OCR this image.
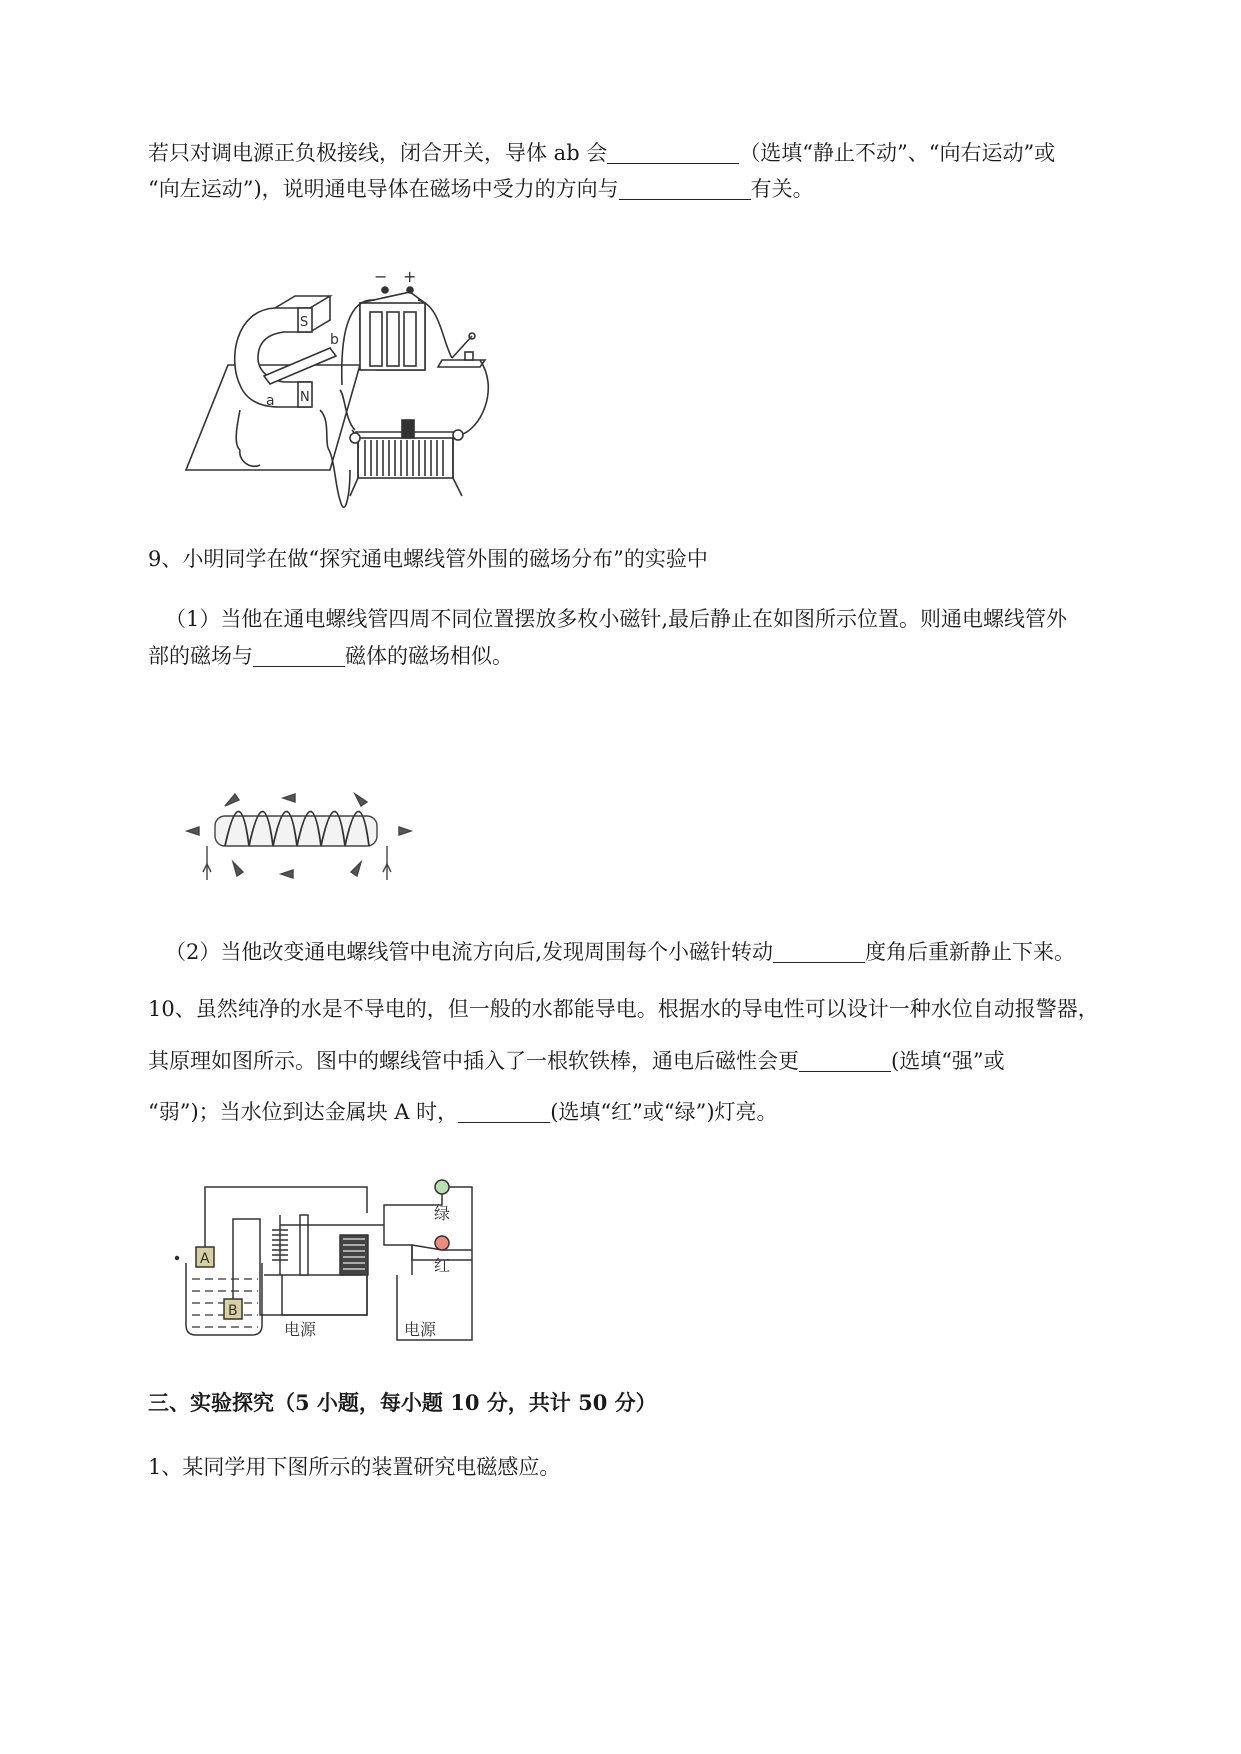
若只对调电源正负极接线，闭合开关，导体 ab 会	（选填“静止不动”、“向右运动”或
“向左运动”)，说明通电导体在磁场中受力的方向与	有关。
S
N
b
a
− +
9、小明同学在做“探究通电螺线管外围的磁场分布”的实验中
（1）当他在通电螺线管四周不同位置摆放多枚小磁针,最后静止在如图所示位置。则通电螺线管外
部的磁场与	磁体的磁场相似。
（2）当他改变通电螺线管中电流方向后,发现周围每个小磁针转动	度角后重新静止下来。
10、虽然纯净的水是不导电的，但一般的水都能导电。根据水的导电性可以设计一种水位自动报警器，
其原理如图所示。图中的螺线管中插入了一根软铁棒，通电后磁性会更	(选填“强”或
“弱”)；当水位到达金属块 A 时，	(选填“红”或“绿”)灯亮。
A
B
绿
红
电源	电源
三、实验探究（5 小题，每小题 10 分，共计 50 分）
1、某同学用下图所示的装置研究电磁感应。
